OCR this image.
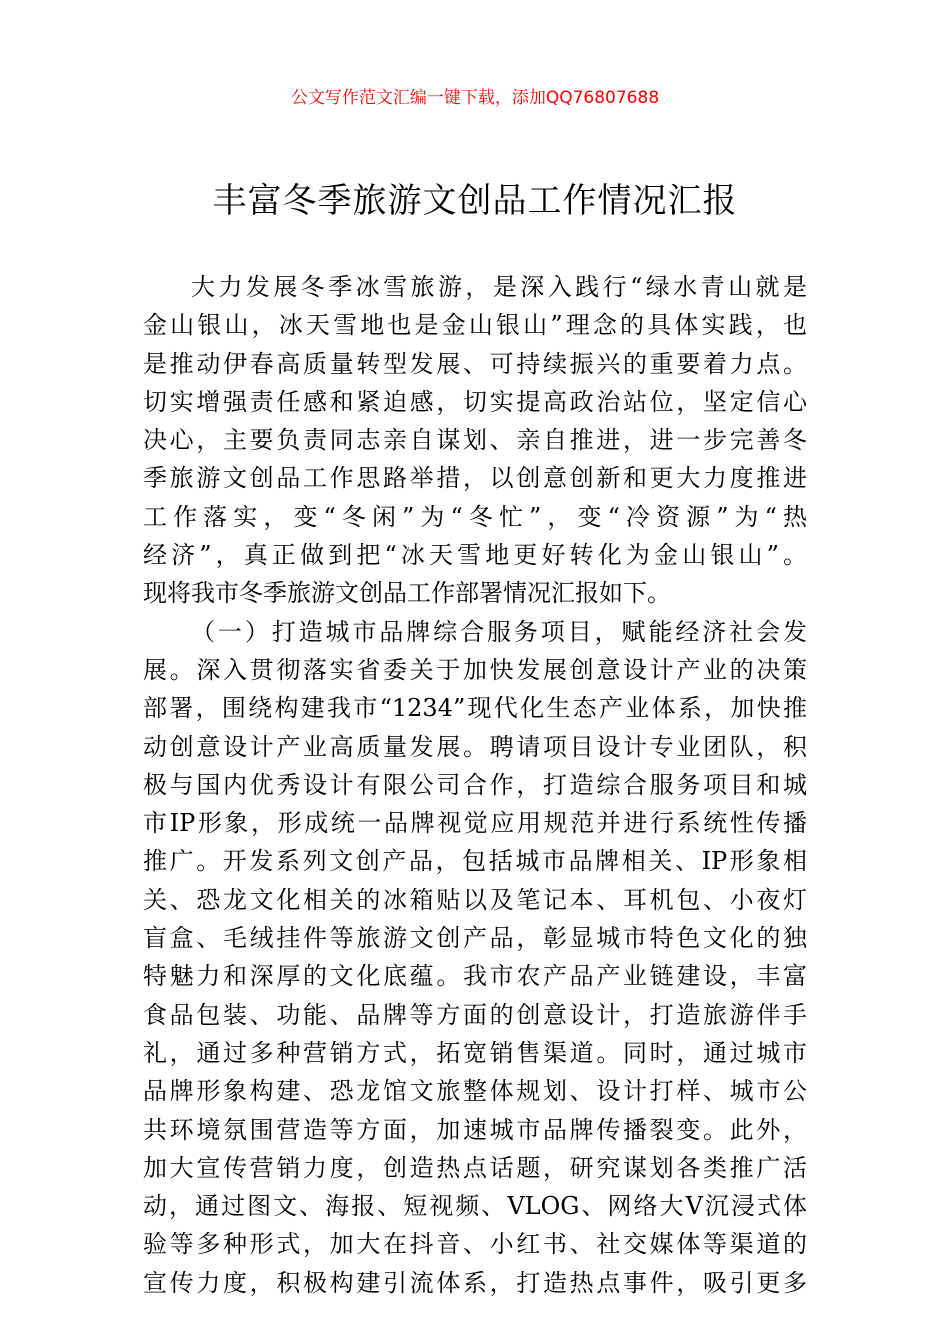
公文写作范文汇编一键下载，添加QQ76807688
丰富冬季旅游文创品工作情况汇报
大力发展冬季冰雪旅游，是深入践行“绿水青山就是
金山银山，冰天雪地也是金山银山”理念的具体实践，也
是推动伊春高质量转型发展、可持续振兴的重要着力点。
切实增强责任感和紧迫感，切实提高政治站位，坚定信心
决心，主要负责同志亲自谋划、亲自推进，进一步完善冬
季旅游文创品工作思路举措，以创意创新和更大力度推进
工作落实，变“冬闲”为“冬忙”，变“冷资源”为“热
经济”，真正做到把“冰天雪地更好转化为金山银山”。
现将我市冬季旅游文创品工作部署情况汇报如下。
（一）打造城市品牌综合服务项目，赋能经济社会发
展。深入贯彻落实省委关于加快发展创意设计产业的决策
部署，围绕构建我市“1234”现代化生态产业体系，加快推
动创意设计产业高质量发展。聘请项目设计专业团队，积
极与国内优秀设计有限公司合作，打造综合服务项目和城
市IP形象，形成统一品牌视觉应用规范并进行系统性传播
推广。开发系列文创产品，包括城市品牌相关、IP形象相
关、恐龙文化相关的冰箱贴以及笔记本、耳机包、小夜灯
盲盒、毛绒挂件等旅游文创产品，彰显城市特色文化的独
特魅力和深厚的文化底蕴。我市农产品产业链建设，丰富
食品包装、功能、品牌等方面的创意设计，打造旅游伴手
礼，通过多种营销方式，拓宽销售渠道。同时，通过城市
品牌形象构建、恐龙馆文旅整体规划、设计打样、城市公
共环境氛围营造等方面，加速城市品牌传播裂变。此外，
加大宣传营销力度，创造热点话题，研究谋划各类推广活
动，通过图文、海报、短视频、VLOG、网络大V沉浸式体
验等多种形式，加大在抖音、小红书、社交媒体等渠道的
宣传力度，积极构建引流体系，打造热点事件，吸引更多
